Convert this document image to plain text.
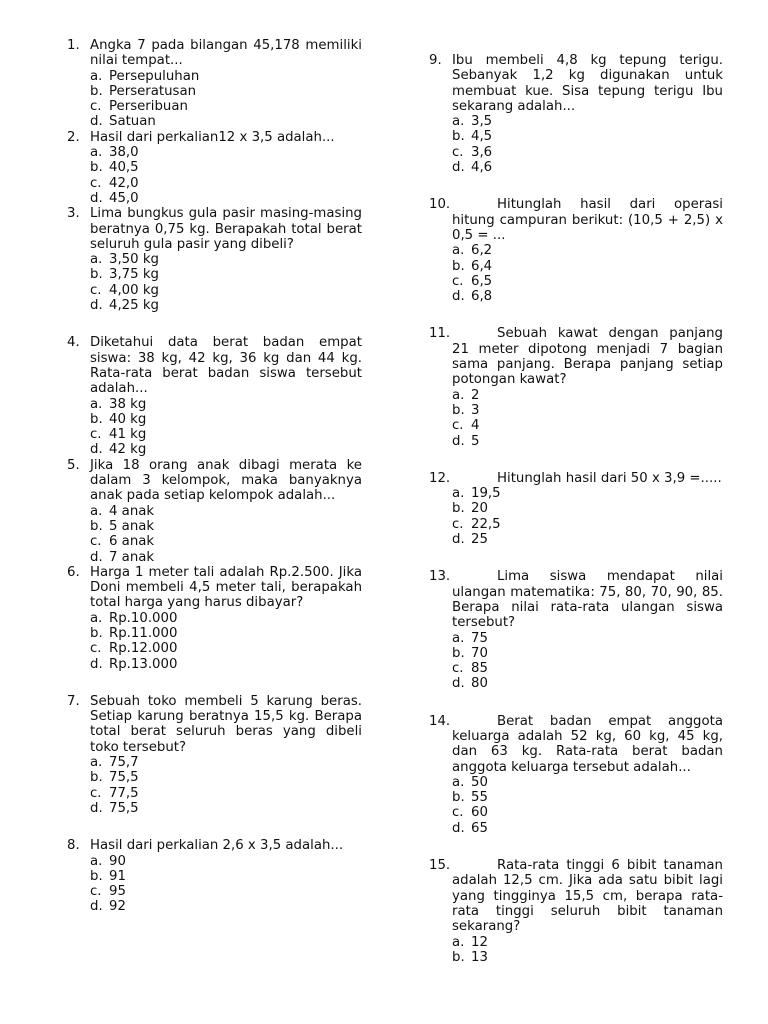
1. Angka 7 pada bilangan 45,178 memiliki nilai tempat...

a. Persepuluhan
b. Perseratusan
c. Perseribuan
d. Satuan
2. Hasil dari perkalian12 x 3,5 adalah...

a. 38,0
b. 40,5
c. 42,0
d. 45,0
3. Lima bungkus gula pasir masing-masing beratnya 0,75 kg. Berapakah total berat seluruh gula pasir yang dibeli?

a. 3,50 kg
b. 3,75 kg
c. 4,00 kg
d. 4,25 kg
4. Diketahui data berat badan empat siswa: 38 kg, 42 kg, 36 kg dan 44 kg. Rata-rata berat badan siswa tersebut adalah...

a. 38 kg
b. 40 kg
c. 41 kg
d. 42 kg
5. Jika 18 orang anak dibagi merata ke dalam 3 kelompok, maka banyaknya anak pada setiap kelompok adalah...

a. 4 anak
b. 5 anak
c. 6 anak
d. 7 anak
6. Harga 1 meter tali adalah Rp.2.500. Jika Doni membeli 4,5 meter tali, berapakah total harga yang harus dibayar?

a. Rp.10.000
b. Rp.11.000
c. Rp.12.000
d. Rp.13.000
7. Sebuah toko membeli 5 karung beras. Setiap karung beratnya 15,5 kg. Berapa total berat seluruh beras yang dibeli toko tersebut?

a. 75,7
b. 75,5
c. 77,5
d. 75,5
8. Hasil dari perkalian 2,6 x 3,5 adalah...

a. 90
b. 91
c. 95
d. 92
9. Ibu membeli 4,8 kg tepung terigu. Sebanyak 1,2 kg digunakan untuk membuat kue. Sisa tepung terigu Ibu sekarang adalah...

a. 3,5
b. 4,5
c. 3,6
d. 4,6
10.	Hitunglah hasil dari operasi hitung campuran berikut: (10,5 + 2,5) x 0,5 = ...

a. 6,2
b. 6,4
c. 6,5
d. 6,8
11.	Sebuah kawat dengan panjang 21 meter dipotong menjadi 7 bagian sama panjang. Berapa panjang setiap potongan kawat?

a. 2
b. 3
c. 4
d. 5
12.	Hitunglah hasil dari 50 x 3,9 =.....

a. 19,5
b. 20
c. 22,5
d. 25
13.	Lima siswa mendapat nilai ulangan matematika: 75, 80, 70, 90, 85. Berapa nilai rata-rata ulangan siswa tersebut?

a. 75
b. 70
c. 85
d. 80
14.	Berat badan empat anggota keluarga adalah 52 kg, 60 kg, 45 kg, dan 63 kg. Rata-rata berat badan anggota keluarga tersebut adalah...

a. 50
b. 55
c. 60
d. 65
15.	Rata-rata tinggi 6 bibit tanaman adalah 12,5 cm. Jika ada satu bibit lagi yang tingginya 15,5 cm, berapa rata-rata tinggi seluruh bibit tanaman sekarang?

a. 12
b. 13
